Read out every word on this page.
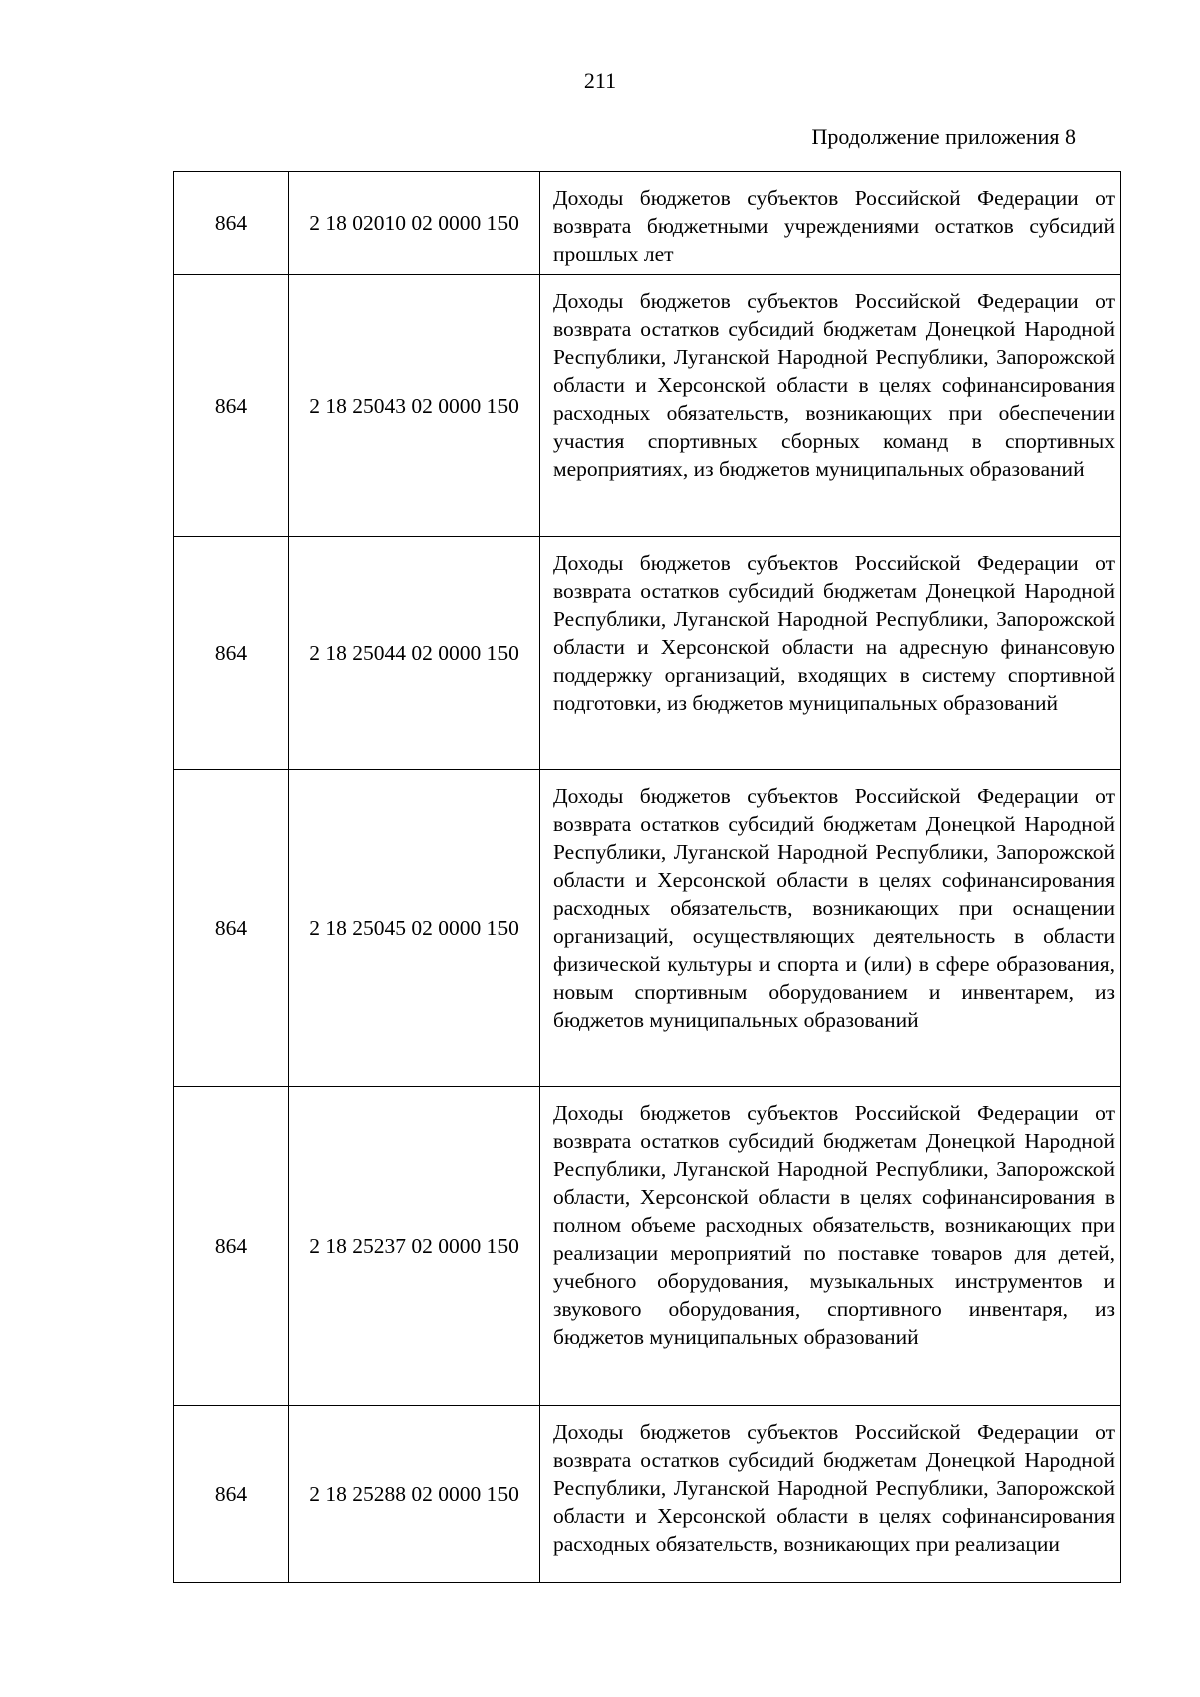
211
Продолжение приложения 8
864	2 18 02010 02 0000 150	Доходы бюджетов субъектов Российской Федерации от возврата бюджетными учреждениями остатков субсидий прошлых лет
864	2 18 25043 02 0000 150	Доходы бюджетов субъектов Российской Федерации от возврата остатков субсидий бюджетам Донецкой Народной Республики, Луганской Народной Республики, Запорожской области и Херсонской области в целях софинансирования расходных обязательств, возникающих при обеспечении участия спортивных сборных команд в спортивных мероприятиях, из бюджетов муниципальных образований
864	2 18 25044 02 0000 150	Доходы бюджетов субъектов Российской Федерации от возврата остатков субсидий бюджетам Донецкой Народной Республики, Луганской Народной Республики, Запорожской области и Херсонской области на адресную финансовую поддержку организаций, входящих в систему спортивной подготовки, из бюджетов муниципальных образований
864	2 18 25045 02 0000 150	Доходы бюджетов субъектов Российской Федерации от возврата остатков субсидий бюджетам Донецкой Народной Республики, Луганской Народной Республики, Запорожской области и Херсонской области в целях софинансирования расходных обязательств, возникающих при оснащении организаций, осуществляющих деятельность в области физической культуры и спорта и (или) в сфере образования, новым спортивным оборудованием и инвентарем, из бюджетов муниципальных образований
864	2 18 25237 02 0000 150	Доходы бюджетов субъектов Российской Федерации от возврата остатков субсидий бюджетам Донецкой Народной Республики, Луганской Народной Республики, Запорожской области, Херсонской области в целях софинансирования в полном объеме расходных обязательств, возникающих при реализации мероприятий по поставке товаров для детей, учебного оборудования, музыкальных инструментов и звукового оборудования, спортивного инвентаря, из бюджетов муниципальных образований
864	2 18 25288 02 0000 150	Доходы бюджетов субъектов Российской Федерации от возврата остатков субсидий бюджетам Донецкой Народной Республики, Луганской Народной Республики, Запорожской области и Херсонской области в целях софинансирования расходных обязательств, возникающих при реализации
